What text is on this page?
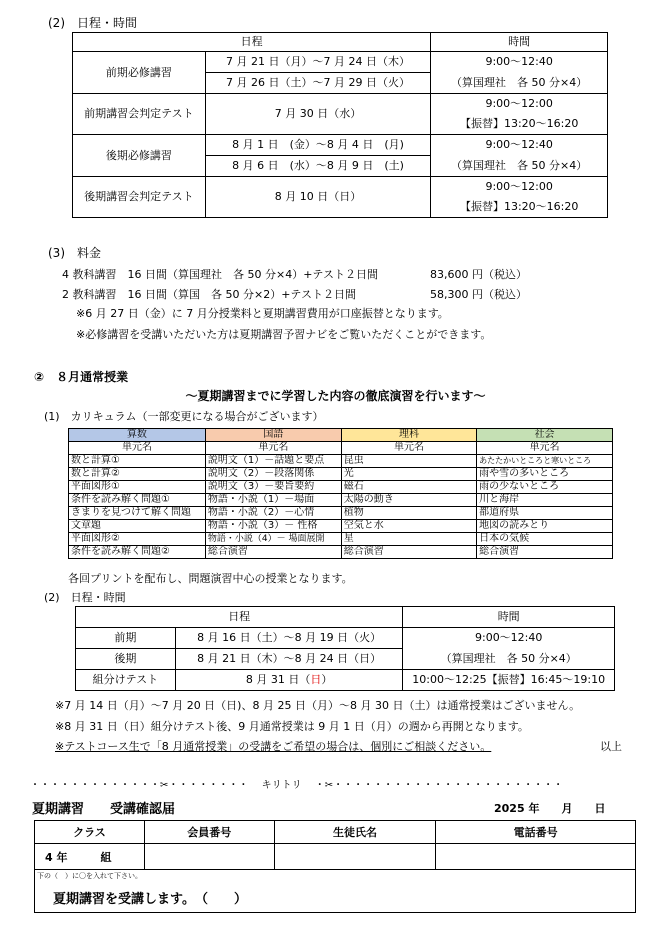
(2)　日程・時間
日程		時間
前期必修講習	7 月 21 日（月）～7 月 24 日（木）	9:00～12:40
	7 月 26 日（土）～7 月 29 日（火）	（算国理社　各 50 分×4）
前期講習会判定テスト	7 月 30 日（水）	9:00～12:00
		【振替】13:20～16:20
後期必修講習	8 月 1 日　(金）～8 月 4 日　(月)	9:00～12:40
	8 月 6 日　(水）～8 月 9 日　(土)	（算国理社　各 50 分×4）
後期講習会判定テスト	8 月 10 日（日）	9:00～12:00
		【振替】13:20～16:20
(3)　料金
4 教科講習　16 日間（算国理社　各 50 分×4）+テスト２日間	83,600 円（税込）
2 教科講習　16 日間（算国　各 50 分×2）+テスト２日間	58,300 円（税込）
※6 月 27 日（金）に 7 月分授業料と夏期講習費用が口座振替となります。
※必修講習を受講いただいた方は夏期講習予習ナビをご覧いただくことができます。
②　８月通常授業
～夏期講習までに学習した内容の徹底演習を行います～
(1)　カリキュラム（一部変更になる場合がございます）
算数	国語	理科	社会
単元名	単元名	単元名	単元名
数と計算①	説明文（1）－話題と要点	昆虫	あたたかいところと寒いところ
数と計算②	説明文（2）－段落関係	光	雨や雪の多いところ
平面図形①	説明文（3）－要旨要約	磁石	雨の少ないところ
条件を読み解く問題①	物語・小説（1）－場面	太陽の動き	川と海岸
きまりを見つけて解く問題	物語・小説（2）－心情	植物	都道府県
文章題	物語・小説（3）－ 性格	空気と水	地図の読みとり
平面図形②	物語・小説（4）－ 場面展開	星	日本の気候
条件を読み解く問題②	総合演習	総合演習	総合演習
各回プリントを配布し、問題演習中心の授業となります。
(2)　日程・時間
日程		時間
前期	8 月 16 日（土）～8 月 19 日（火）	9:00～12:40
後期	8 月 21 日（木）～8 月 24 日（日）	（算国理社　各 50 分×4）
組分けテスト	8 月 31 日（日）	10:00～12:25【振替】16:45～19:10
※7 月 14 日（月）～7 月 20 日（日)、8 月 25 日（月）～8 月 30 日（土）は通常授業はございません。
※8 月 31 日（日）組分けテスト後、9 月通常授業は 9 月 1 日（月）の週から再開となります。
※テストコース生で「8 月通常授業」の受講をご希望の場合は、個別にご相談ください。	以上
・・・・・・・・・・・・・✂・・・・・・・・ キリトリ ・✂・・・・・・・・・・・・・・・・・・・・・・・
夏期講習　　受講確認届	2025 年　　月　　日
クラス	会員番号	生徒氏名	電話番号
4 年　　　組			

下の（　）に〇を入れて下さい。
夏期講習を受講します。　（　　）			
